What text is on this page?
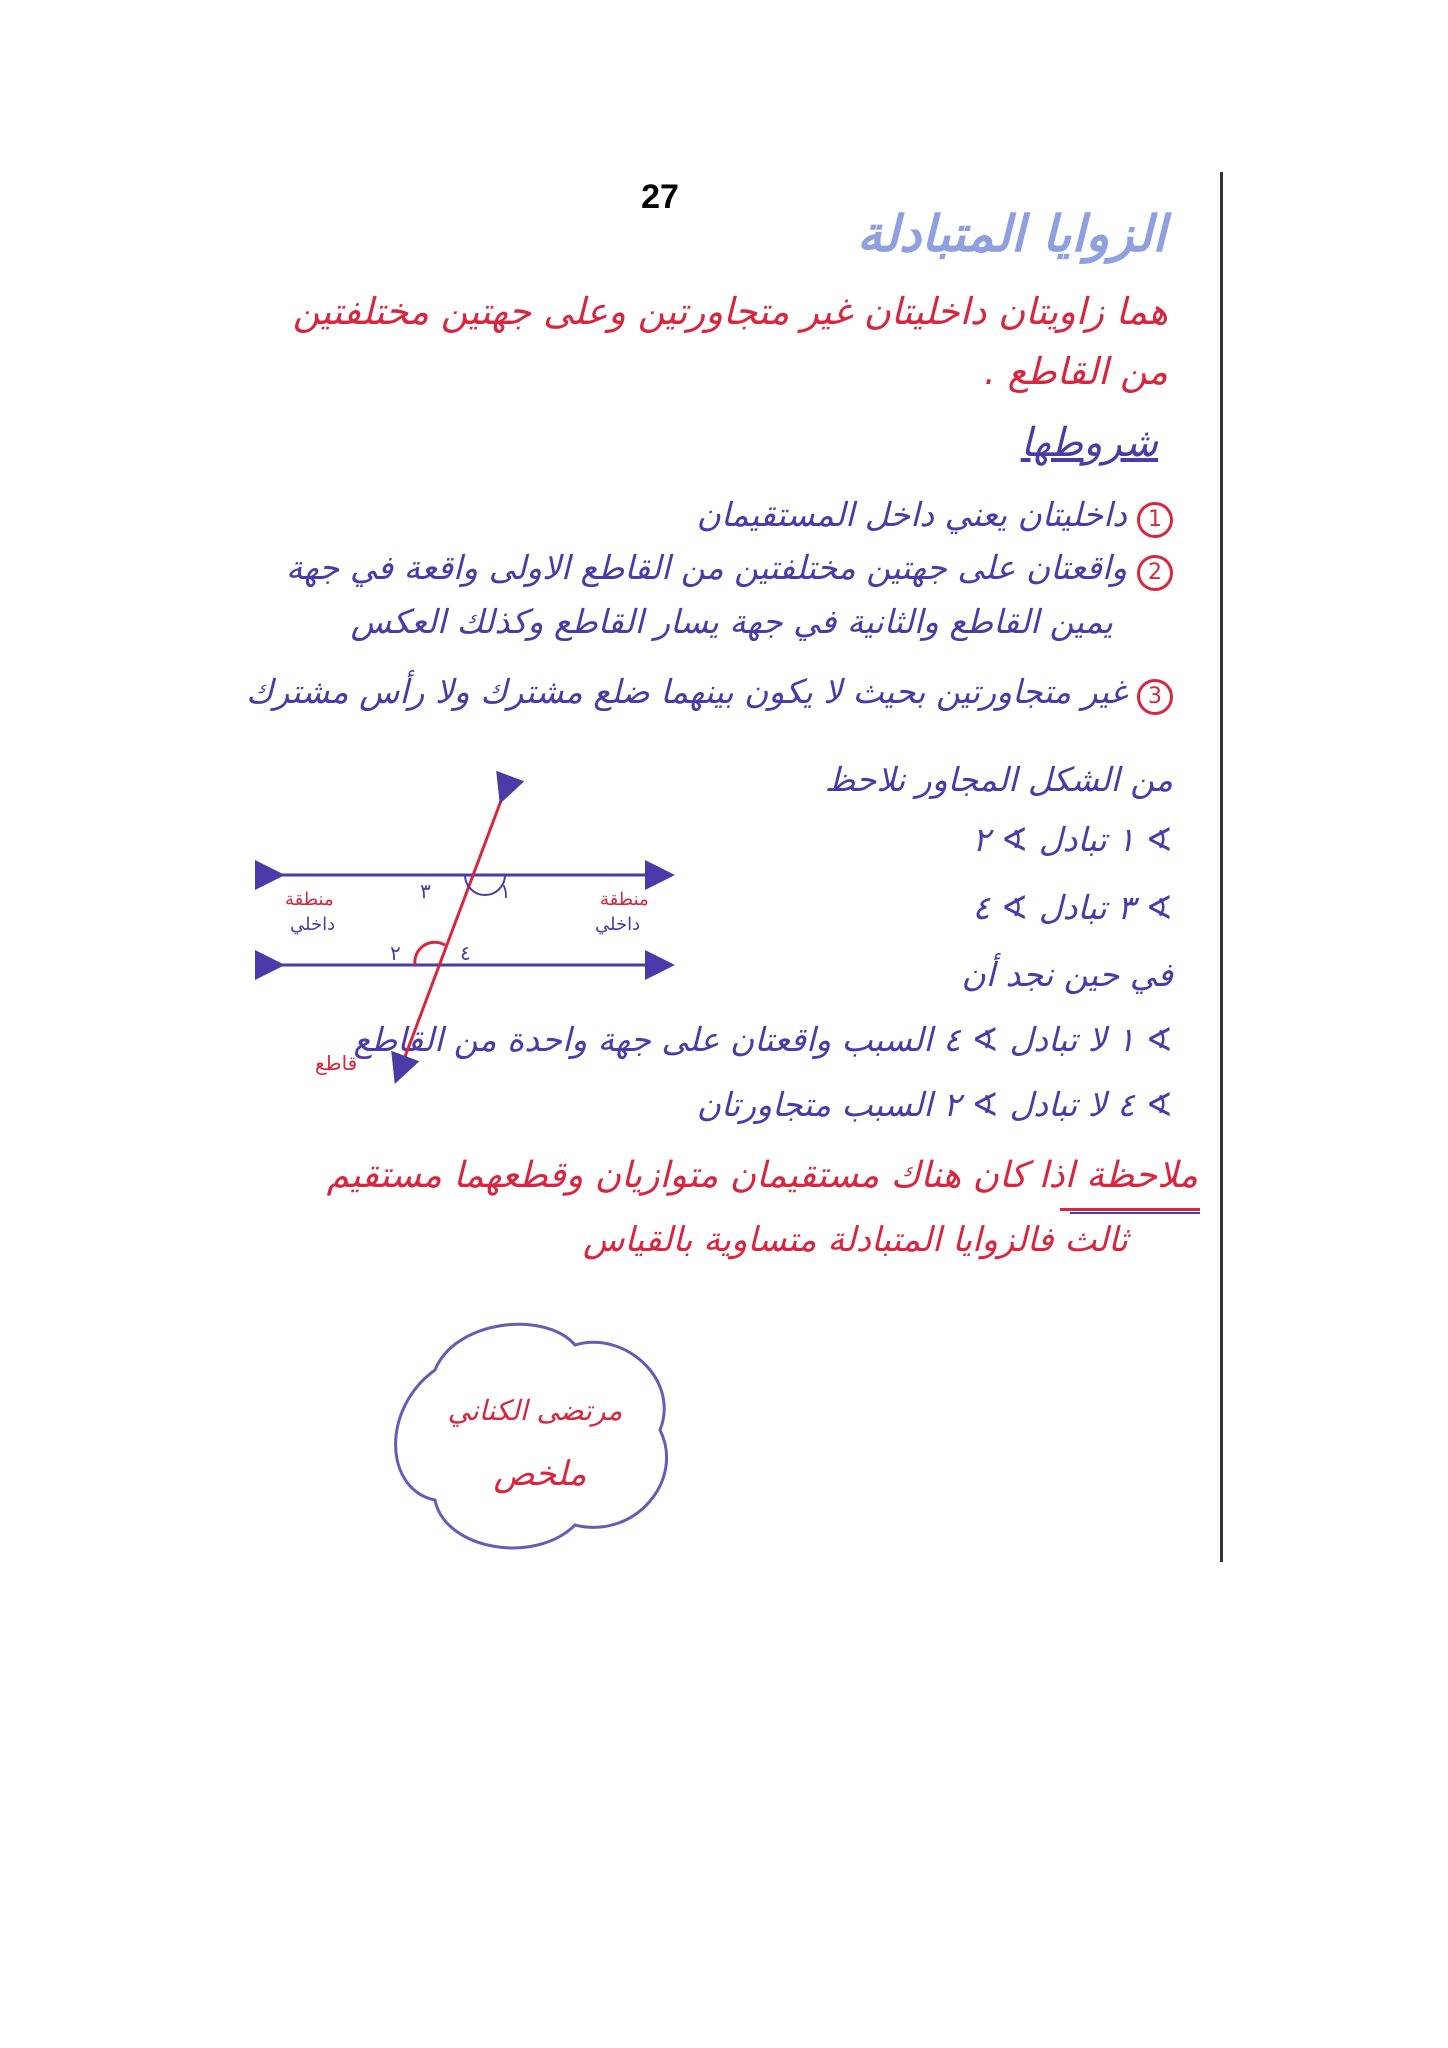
27
الزوايا المتبادلة
هما زاويتان داخليتان غير متجاورتين وعلى جهتين مختلفتين
من القاطع .
شروطها
1داخليتان يعني داخل المستقيمان
2واقعتان على جهتين مختلفتين من القاطع الاولى واقعة في جهة
يمين القاطع والثانية في جهة يسار القاطع وكذلك العكس
3غير متجاورتين بحيث لا يكون بينهما ضلع مشترك ولا رأس مشترك
من الشكل المجاور نلاحظ
∢ ١ تبادل ∢ ٢
∢ ٣ تبادل ∢ ٤
في حين نجد أن
∢ ١ لا تبادل ∢ ٤ السبب واقعتان على جهة واحدة من القاطع
∢ ٤ لا تبادل ∢ ٢ السبب متجاورتان
٣	١
٢	٤
منطقة
داخلي
منطقة
داخلي
قاطع
ملاحظة اذا كان هناك مستقيمان متوازيان وقطعهما مستقيم
ثالث فالزوايا المتبادلة متساوية بالقياس
مرتضى الكناني
ملخص
